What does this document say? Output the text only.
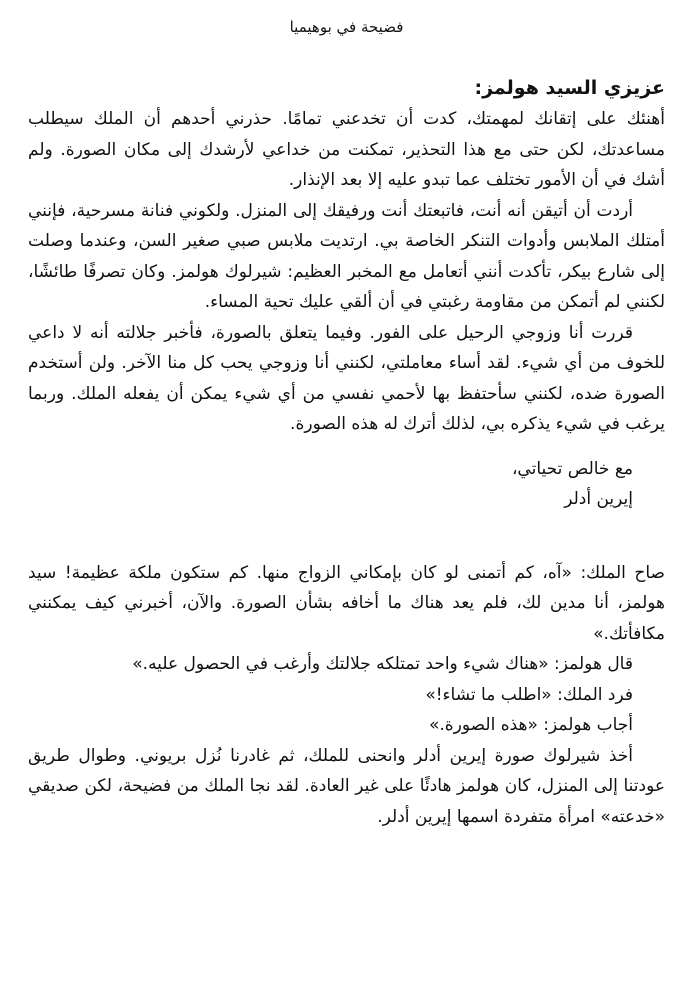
فضيحة في بوهيميا
عزيزي السيد هولمز:

أهنئك على إتقانك لمهمتك، كدت أن تخدعني تمامًا. حذرني أحدهم أن الملك سيطلب مساعدتك، لكن حتى مع هذا التحذير، تمكنت من خداعي لأرشدك إلى مكان الصورة. ولم أشك في أن الأمور تختلف عما تبدو عليه إلا بعد الإنذار.

أردت أن أتيقن أنه أنت، فاتبعتك أنت ورفيقك إلى المنزل. ولكوني فنانة مسرحية، فإنني أمتلك الملابس وأدوات التنكر الخاصة بي. ارتديت ملابس صبي صغير السن، وعندما وصلت إلى شارع بيكر، تأكدت أنني أتعامل مع المخبر العظيم: شيرلوك هولمز. وكان تصرفًا طائشًا، لكنني لم أتمكن من مقاومة رغبتي في أن ألقي عليك تحية المساء.

قررت أنا وزوجي الرحيل على الفور. وفيما يتعلق بالصورة، فأخبر جلالته أنه لا داعي للخوف من أي شيء. لقد أساء معاملتي، لكنني أنا وزوجي يحب كل منا الآخر. ولن أستخدم الصورة ضده، لكنني سأحتفظ بها لأحمي نفسي من أي شيء يمكن أن يفعله الملك. وربما يرغب في شيء يذكره بي، لذلك أترك له هذه الصورة.

مع خالص تحياتي،
إيرين أدلر

صاح الملك: «آه، كم أتمنى لو كان بإمكاني الزواج منها. كم ستكون ملكة عظيمة! سيد هولمز، أنا مدين لك، فلم يعد هناك ما أخافه بشأن الصورة. والآن، أخبرني كيف يمكنني مكافأتك.»

قال هولمز: «هناك شيء واحد تمتلكه جلالتك وأرغب في الحصول عليه.»

فرد الملك: «اطلب ما تشاء!»

أجاب هولمز: «هذه الصورة.»

أخذ شيرلوك صورة إيرين أدلر وانحنى للملك، ثم غادرنا نُزل بريوني. وطوال طريق عودتنا إلى المنزل، كان هولمز هادئًا على غير العادة. لقد نجا الملك من فضيحة، لكن صديقي «خدعته» امرأة متفردة اسمها إيرين أدلر.
